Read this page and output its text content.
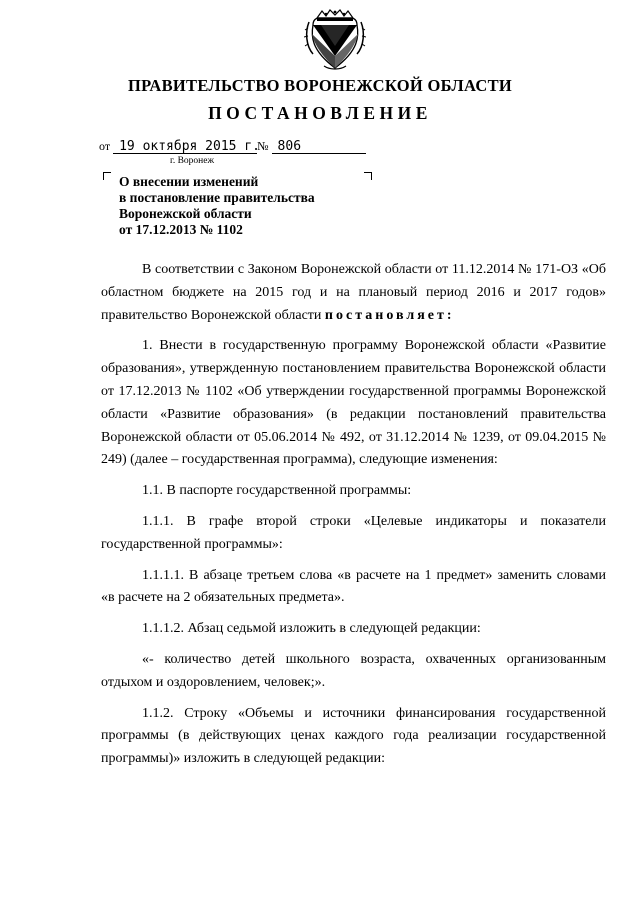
ПРАВИТЕЛЬСТВО ВОРОНЕЖСКОЙ ОБЛАСТИ
ПОСТАНОВЛЕНИЕ
от 19 октября 2015 г.№ 806
г. Воронеж
О внесении изменений
в постановление правительства
Воронежской области
от 17.12.2013 № 1102

В соответствии с Законом Воронежской области от 11.12.2014 № 171-ОЗ «Об областном бюджете на 2015 год и на плановый период 2016 и 2017 годов» правительство Воронежской области постановляет:

1. Внести в государственную программу Воронежской области «Развитие образования», утвержденную постановлением правительства Воронежской области от 17.12.2013 № 1102 «Об утверждении государственной программы Воронежской области «Развитие образования» (в редакции постановлений правительства Воронежской области от 05.06.2014 № 492, от 31.12.2014 № 1239, от 09.04.2015 № 249) (далее – государственная программа), следующие изменения:

1.1. В паспорте государственной программы:

1.1.1. В графе второй строки «Целевые индикаторы и показатели государственной программы»:

1.1.1.1. В абзаце третьем слова «в расчете на 1 предмет» заменить словами «в расчете на 2 обязательных предмета».

1.1.1.2. Абзац седьмой изложить в следующей редакции:

«- количество детей школьного возраста, охваченных организованным отдыхом и оздоровлением, человек;».

1.1.2. Строку «Объемы и источники финансирования государственной программы (в действующих ценах каждого года реализации государственной программы)» изложить в следующей редакции:
